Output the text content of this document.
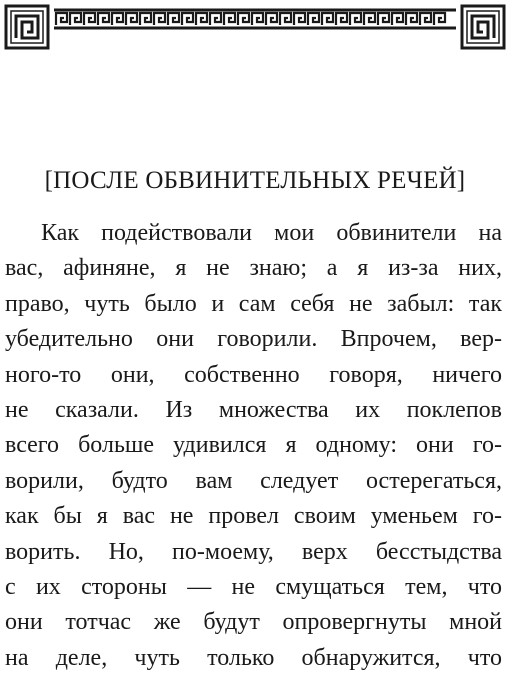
[ПОСЛЕ ОБВИНИТЕЛЬНЫХ РЕЧЕЙ]
Как подействовали мои обвинители на
вас, афиняне, я не знаю; а я из-за них,
право, чуть было и сам себя не забыл: так
убедительно они говорили. Впрочем, вер-
ного-то они, собственно говоря, ничего
не сказали. Из множества их поклепов
всего больше удивился я одному: они го-
ворили, будто вам следует остерегаться,
как бы я вас не провел своим уменьем го-
ворить. Но, по-моему, верх бесстыдства
с их стороны — не смущаться тем, что
они тотчас же будут опровергнуты мной
на деле, чуть только обнаружится, что
